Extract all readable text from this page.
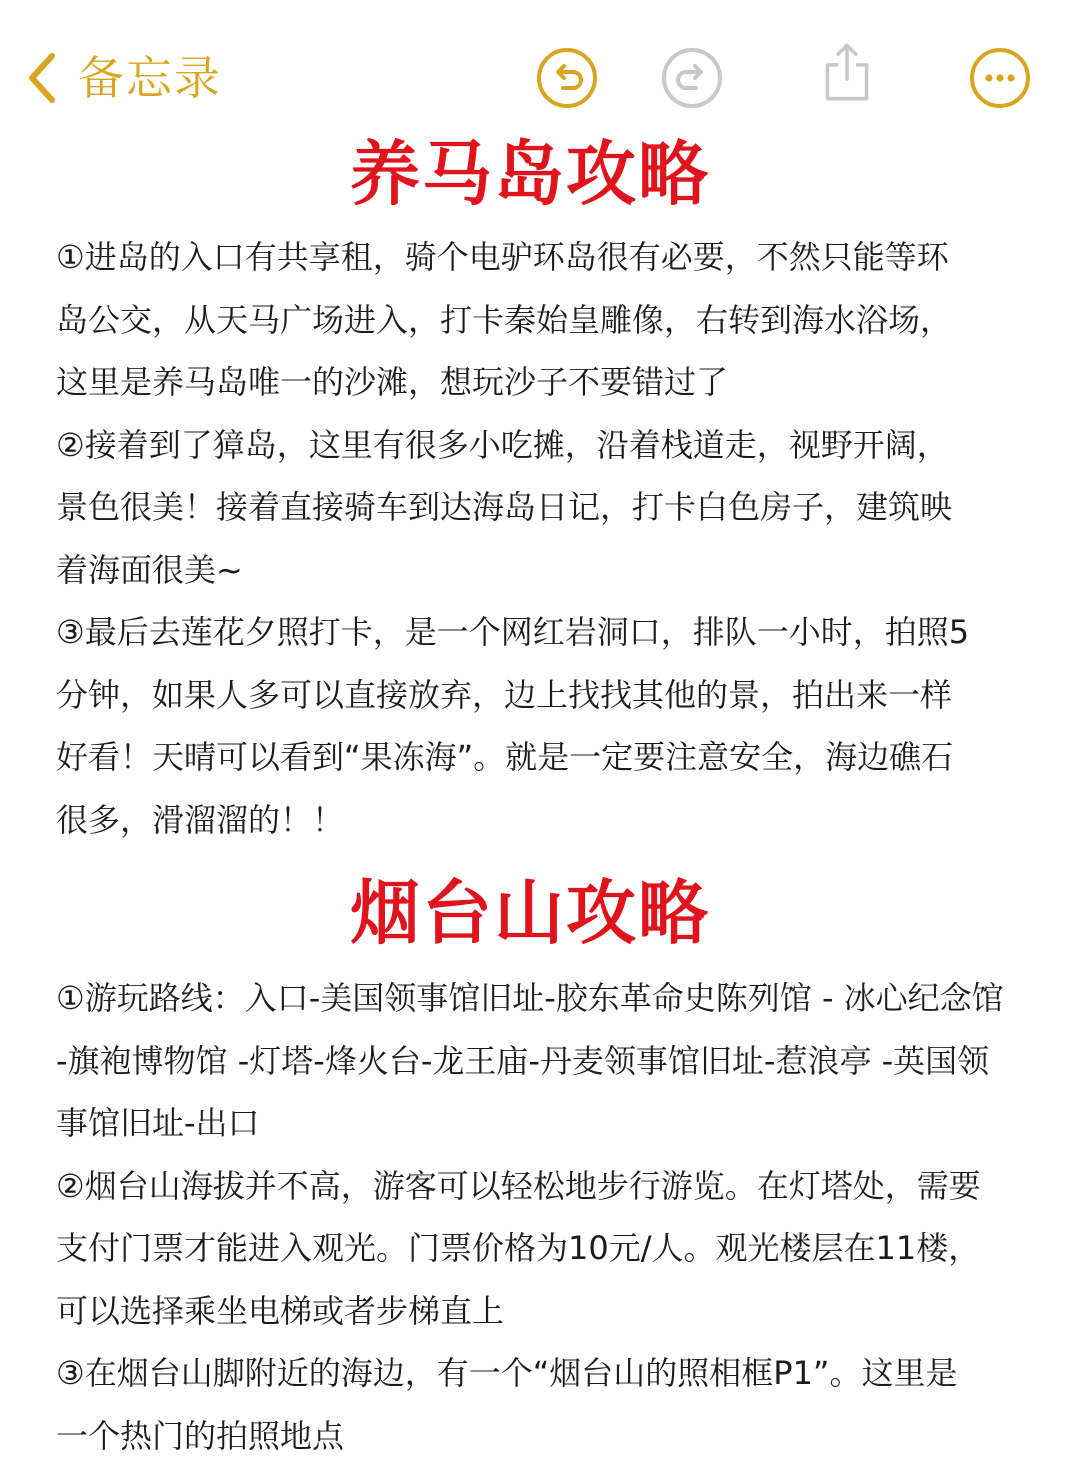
备忘录
养马岛攻略

①进岛的入口有共享租，骑个电驴环岛很有必要，不然只能等环
岛公交，从天马广场进入，打卡秦始皇雕像，右转到海水浴场，
这里是养马岛唯一的沙滩，想玩沙子不要错过了

②接着到了獐岛，这里有很多小吃摊，沿着栈道走，视野开阔，
景色很美！接着直接骑车到达海岛日记，打卡白色房子，建筑映
着海面很美~

③最后去莲花夕照打卡，是一个网红岩洞口，排队一小时，拍照5
分钟，如果人多可以直接放弃，边上找找其他的景，拍出来一样
好看！天晴可以看到“果冻海”。就是一定要注意安全，海边礁石
很多，滑溜溜的！！

烟台山攻略

①游玩路线：入口-美国领事馆旧址-胶东革命史陈列馆 - 冰心纪念馆
-旗袍博物馆 -灯塔-烽火台-龙王庙-丹麦领事馆旧址-惹浪亭 -英国领
事馆旧址-出口

②烟台山海拔并不高，游客可以轻松地步行游览。在灯塔处，需要
支付门票才能进入观光。门票价格为10元/人。观光楼层在11楼，
可以选择乘坐电梯或者步梯直上

③在烟台山脚附近的海边，有一个“烟台山的照相框P1”。这里是
一个热门的拍照地点
